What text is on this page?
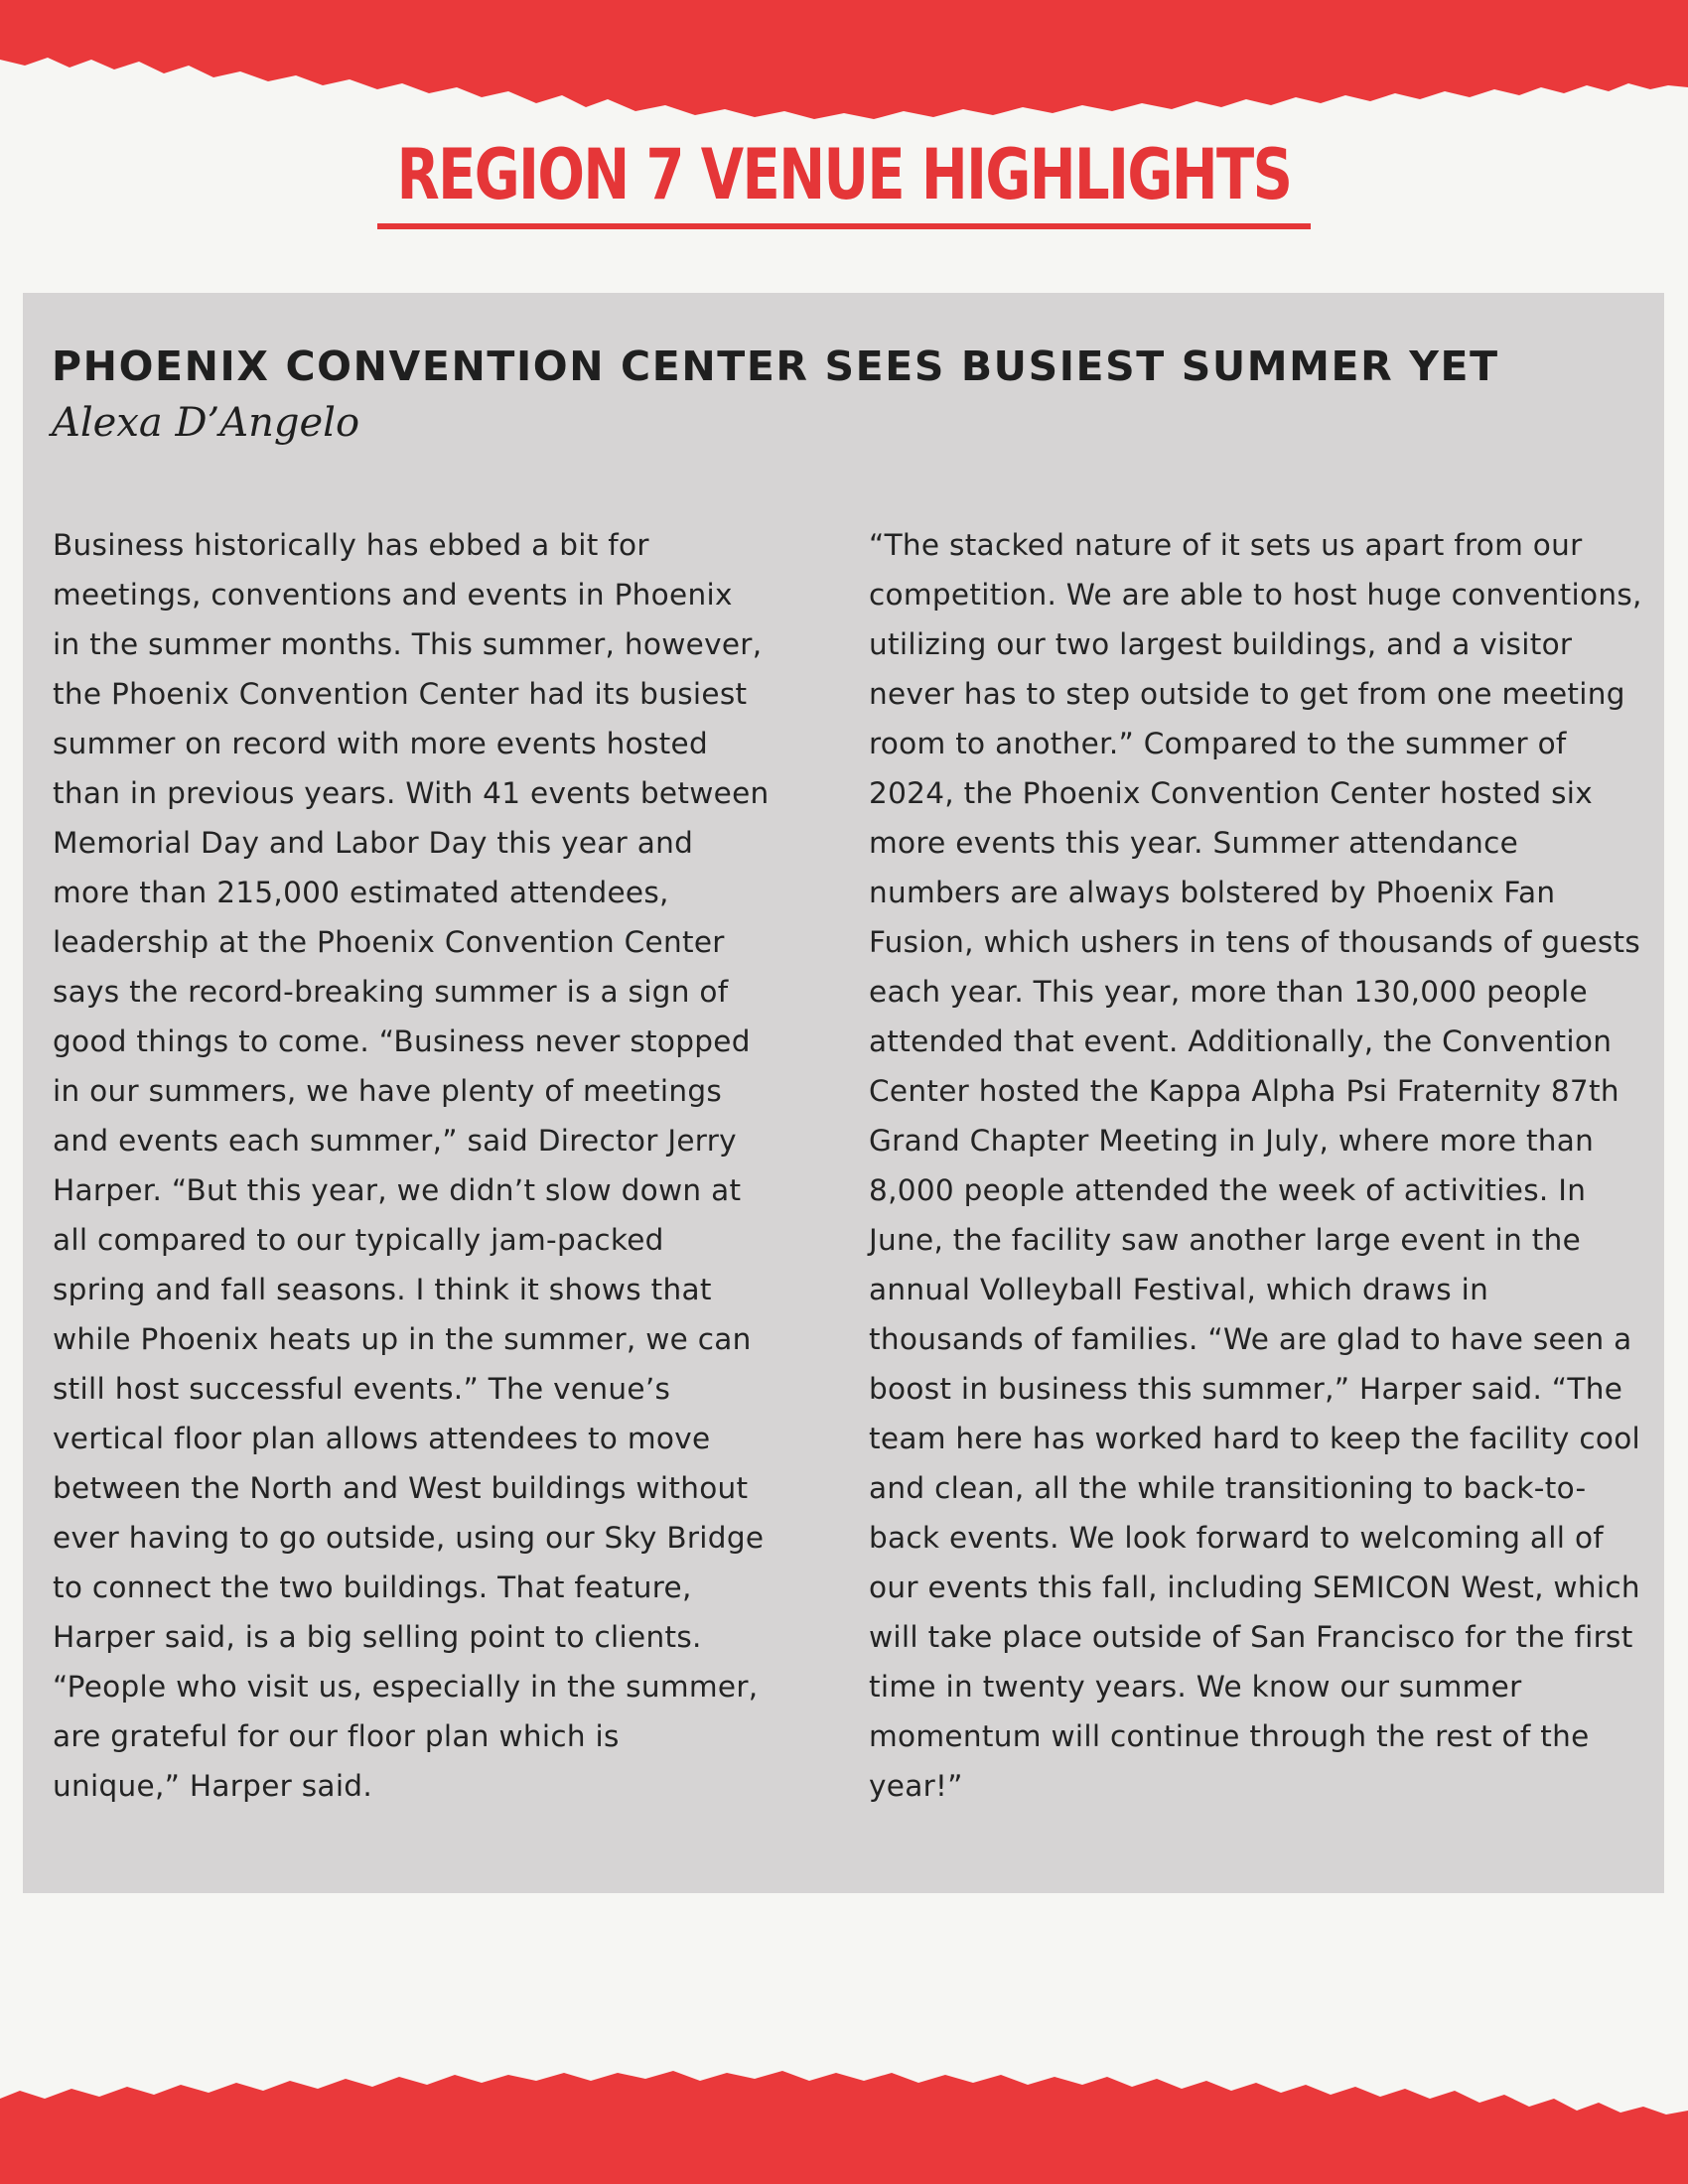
REGION 7 VENUE HIGHLIGHTS
PHOENIX CONVENTION CENTER SEES BUSIEST SUMMER YET

Alexa D’Angelo

Business historically has ebbed a bit for
meetings, conventions and events in Phoenix
in the summer months. This summer, however,
the Phoenix Convention Center had its busiest
summer on record with more events hosted
than in previous years. With 41 events between
Memorial Day and Labor Day this year and
more than 215,000 estimated attendees,
leadership at the Phoenix Convention Center
says the record-breaking summer is a sign of
good things to come. “Business never stopped
in our summers, we have plenty of meetings
and events each summer,” said Director Jerry
Harper. “But this year, we didn’t slow down at
all compared to our typically jam-packed
spring and fall seasons. I think it shows that
while Phoenix heats up in the summer, we can
still host successful events.” The venue’s
vertical floor plan allows attendees to move
between the North and West buildings without
ever having to go outside, using our Sky Bridge
to connect the two buildings. That feature,
Harper said, is a big selling point to clients.
“People who visit us, especially in the summer,
are grateful for our floor plan which is
unique,” Harper said.
“The stacked nature of it sets us apart from our
competition. We are able to host huge conventions,
utilizing our two largest buildings, and a visitor
never has to step outside to get from one meeting
room to another.” Compared to the summer of
2024, the Phoenix Convention Center hosted six
more events this year. Summer attendance
numbers are always bolstered by Phoenix Fan
Fusion, which ushers in tens of thousands of guests
each year. This year, more than 130,000 people
attended that event. Additionally, the Convention
Center hosted the Kappa Alpha Psi Fraternity 87th
Grand Chapter Meeting in July, where more than
8,000 people attended the week of activities. In
June, the facility saw another large event in the
annual Volleyball Festival, which draws in
thousands of families. “We are glad to have seen a
boost in business this summer,” Harper said. “The
team here has worked hard to keep the facility cool
and clean, all the while transitioning to back-to-
back events. We look forward to welcoming all of
our events this fall, including SEMICON West, which
will take place outside of San Francisco for the first
time in twenty years. We know our summer
momentum will continue through the rest of the
year!”
